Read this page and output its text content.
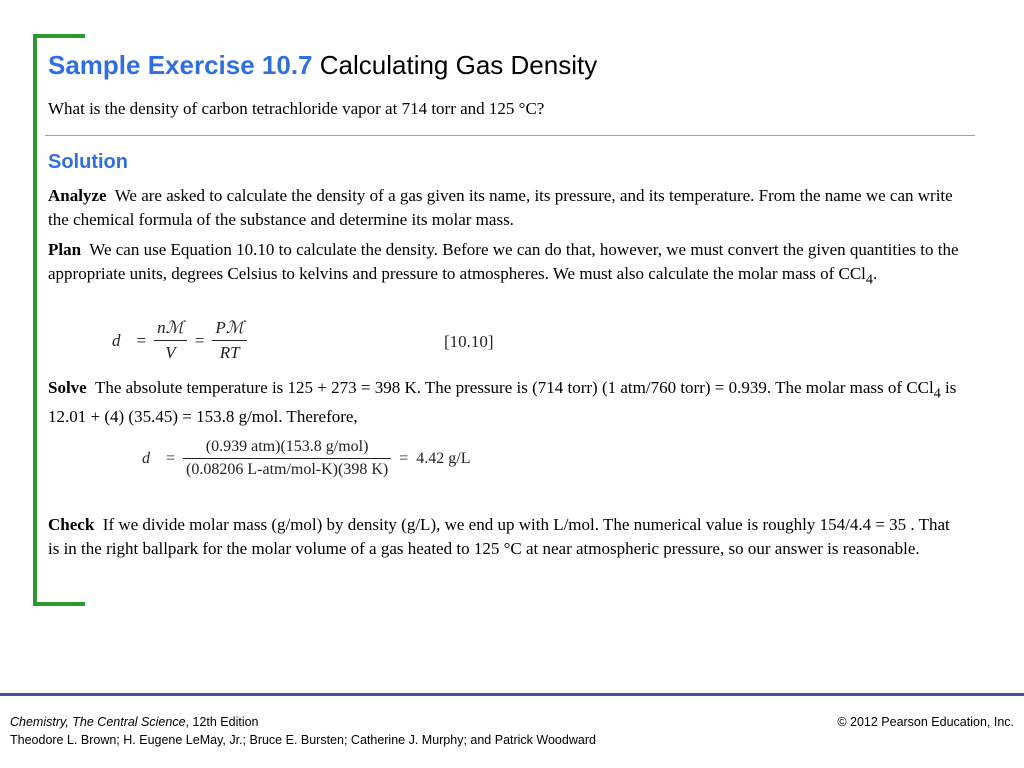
Sample Exercise 10.7 Calculating Gas Density
What is the density of carbon tetrachloride vapor at 714 torr and 125 °C?
Solution
Analyze We are asked to calculate the density of a gas given its name, its pressure, and its temperature. From the name we can write the chemical formula of the substance and determine its molar mass.
Plan We can use Equation 10.10 to calculate the density. Before we can do that, however, we must convert the given quantities to the appropriate units, degrees Celsius to kelvins and pressure to atmospheres. We must also calculate the molar mass of CCl$_4$.
$d = \frac{\text{nℳ}}{V} = \frac{\text{Pℳ}}{RT}$	[10.10]
Solve The absolute temperature is 125 + 273 = 398 K. The pressure is (714 torr) (1 atm/760 torr) = 0.939. The molar mass of CCl$_4$ is 12.01 + (4) (35.45) = 153.8 g/mol. Therefore,
$d = \frac{\text{(0.939 atm)(153.8 g/mol)}}{\text{(0.08206 L-atm/mol-K)(398 K)}} = 4.42$ g/L
Check If we divide molar mass (g/mol) by density (g/L), we end up with L/mol. The numerical value is roughly 154/4.4 = 35 . That is in the right ballpark for the molar volume of a gas heated to 125 °C at near atmospheric pressure, so our answer is reasonable.
Chemistry, The Central Science, 12th Edition
Theodore L. Brown; H. Eugene LeMay, Jr.; Bruce E. Bursten; Catherine J. Murphy; and Patrick Woodward
© 2012 Pearson Education, Inc.
